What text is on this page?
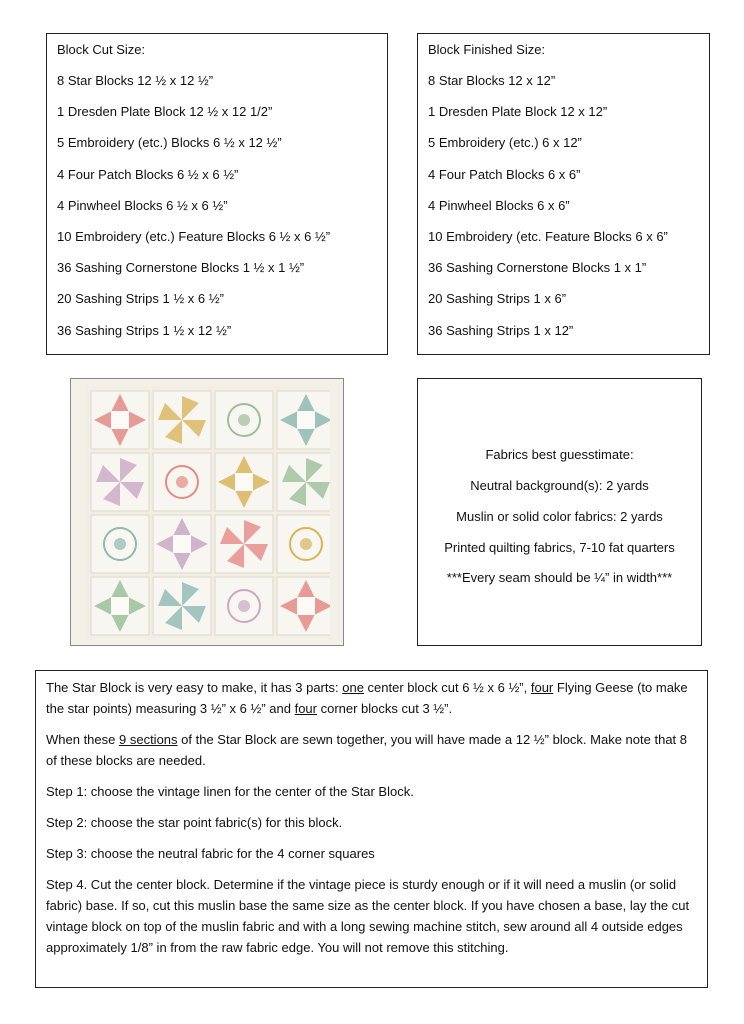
Block Cut Size:
8 Star Blocks 12 ½ x 12 ½”
1 Dresden Plate Block 12 ½ x 12 1/2”
5 Embroidery (etc.) Blocks 6 ½ x 12 ½”
4 Four Patch Blocks 6 ½ x 6 ½”
4 Pinwheel Blocks 6 ½ x 6 ½”
10 Embroidery (etc.) Feature Blocks 6 ½ x 6 ½”
36 Sashing Cornerstone Blocks 1 ½ x 1 ½”
20 Sashing Strips 1 ½ x 6 ½”
36 Sashing Strips 1 ½ x 12 ½”
Block Finished Size:
8 Star Blocks 12 x 12”
1 Dresden Plate Block 12 x 12”
5 Embroidery (etc.) 6 x 12”
4 Four Patch Blocks 6 x 6”
4 Pinwheel Blocks 6 x 6”
10 Embroidery (etc. Feature Blocks 6 x 6”
36 Sashing Cornerstone Blocks 1 x 1”
20 Sashing Strips 1 x 6”
36 Sashing Strips 1 x 12”
Fabrics best guesstimate:
Neutral background(s): 2 yards
Muslin or solid color fabrics: 2 yards
Printed quilting fabrics, 7-10 fat quarters
***Every seam should be ¼” in width***

The Star Block is very easy to make, it has 3 parts: one center block cut 6 ½ x 6 ½”, four Flying Geese (to make the star points) measuring 3 ½” x 6 ½” and four corner blocks cut 3 ½”.

When these 9 sections of the Star Block are sewn together, you will have made a 12 ½” block. Make note that 8 of these blocks are needed.

Step 1: choose the vintage linen for the center of the Star Block.

Step 2: choose the star point fabric(s) for this block.

Step 3: choose the neutral fabric for the 4 corner squares

Step 4. Cut the center block. Determine if the vintage piece is sturdy enough or if it will need a muslin (or solid fabric) base. If so, cut this muslin base the same size as the center block. If you have chosen a base, lay the cut vintage block on top of the muslin fabric and with a long sewing machine stitch, sew around all 4 outside edges approximately 1/8” in from the raw fabric edge. You will not remove this stitching.
